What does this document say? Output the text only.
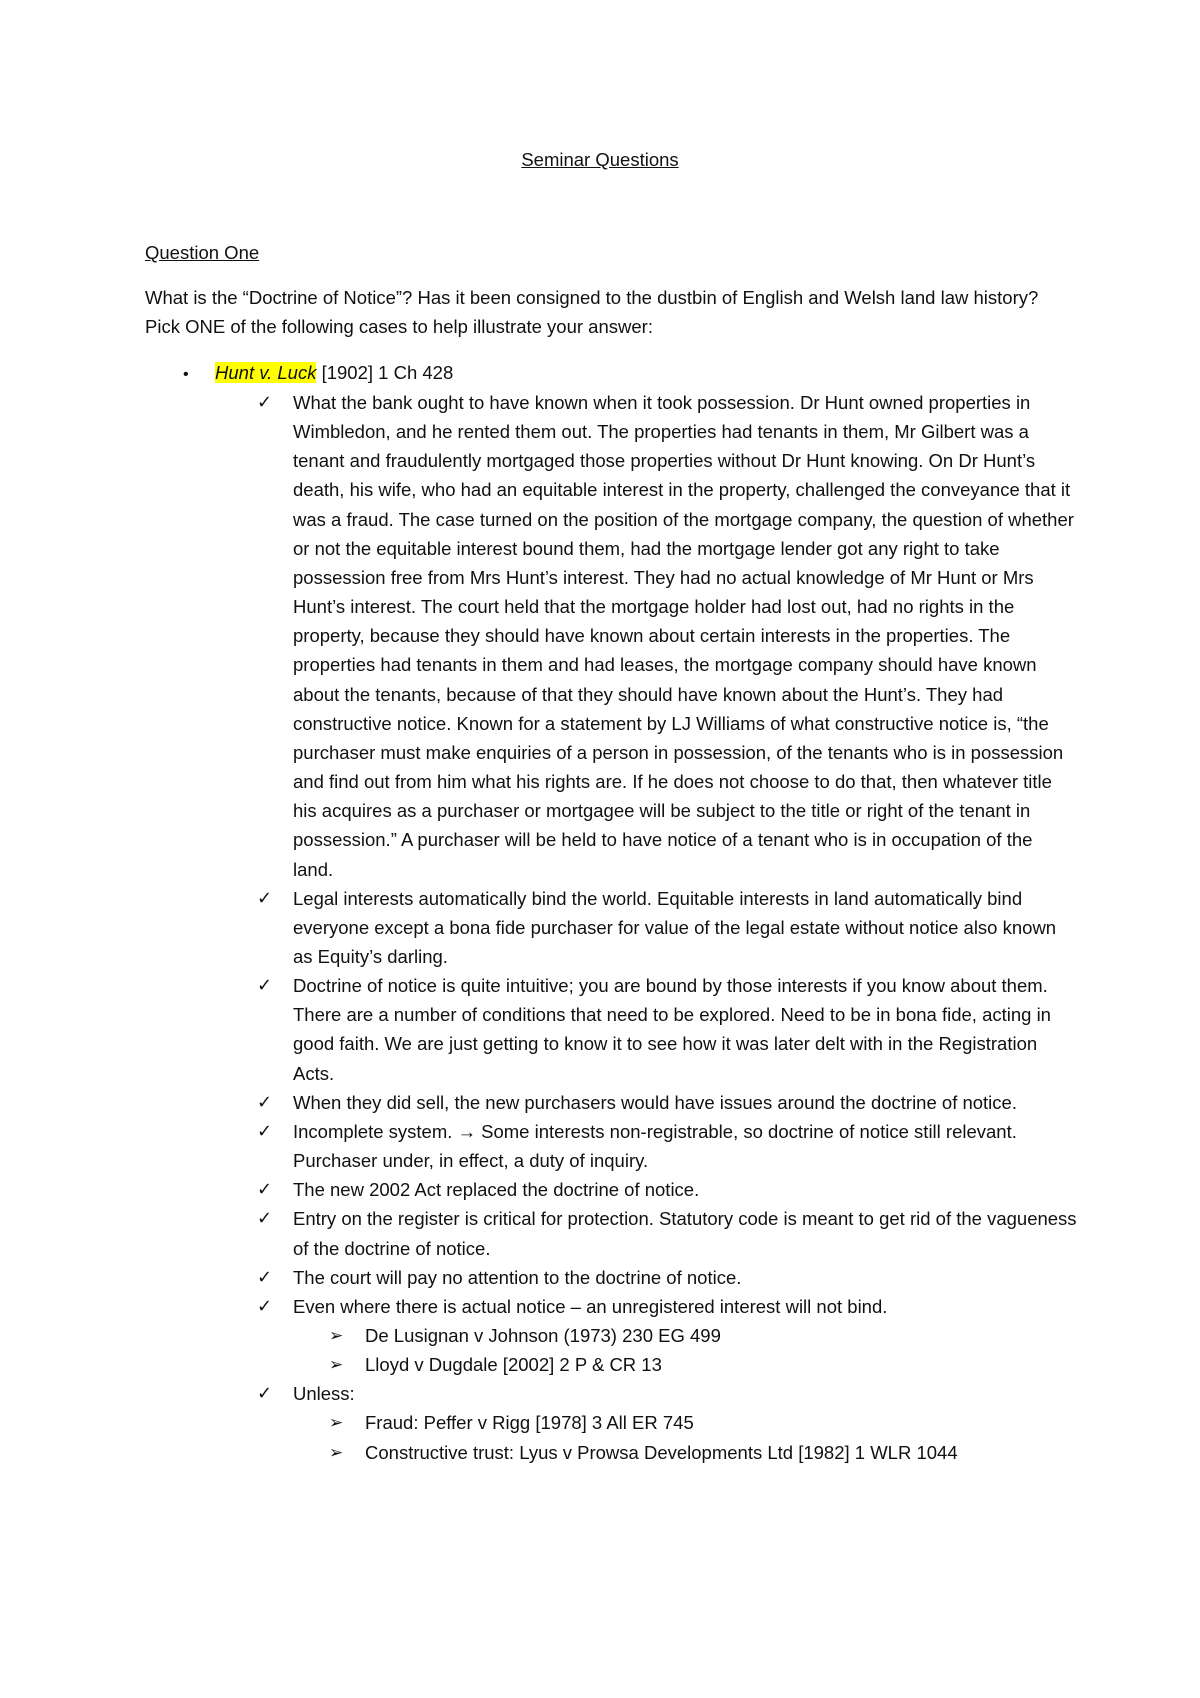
Seminar Questions
Question One
What is the “Doctrine of Notice”? Has it been consigned to the dustbin of English and Welsh land law history? Pick ONE of the following cases to help illustrate your answer:
• Hunt v. Luck [1902] 1 Ch 428
✓ What the bank ought to have known when it took possession. Dr Hunt owned properties in Wimbledon, and he rented them out. The properties had tenants in them, Mr Gilbert was a tenant and fraudulently mortgaged those properties without Dr Hunt knowing. On Dr Hunt’s death, his wife, who had an equitable interest in the property, challenged the conveyance that it was a fraud. The case turned on the position of the mortgage company, the question of whether or not the equitable interest bound them, had the mortgage lender got any right to take possession free from Mrs Hunt’s interest. They had no actual knowledge of Mr Hunt or Mrs Hunt’s interest. The court held that the mortgage holder had lost out, had no rights in the property, because they should have known about certain interests in the properties. The properties had tenants in them and had leases, the mortgage company should have known about the tenants, because of that they should have known about the Hunt’s. They had constructive notice. Known for a statement by LJ Williams of what constructive notice is, “the purchaser must make enquiries of a person in possession, of the tenants who is in possession and find out from him what his rights are. If he does not choose to do that, then whatever title his acquires as a purchaser or mortgagee will be subject to the title or right of the tenant in possession.” A purchaser will be held to have notice of a tenant who is in occupation of the land.
✓ Legal interests automatically bind the world. Equitable interests in land automatically bind everyone except a bona fide purchaser for value of the legal estate without notice also known as Equity’s darling.
✓ Doctrine of notice is quite intuitive; you are bound by those interests if you know about them. There are a number of conditions that need to be explored. Need to be in bona fide, acting in good faith. We are just getting to know it to see how it was later delt with in the Registration Acts.
✓ When they did sell, the new purchasers would have issues around the doctrine of notice.
✓ Incomplete system. → Some interests non-registrable, so doctrine of notice still relevant. Purchaser under, in effect, a duty of inquiry.
✓ The new 2002 Act replaced the doctrine of notice.
✓ Entry on the register is critical for protection. Statutory code is meant to get rid of the vagueness of the doctrine of notice.
✓ The court will pay no attention to the doctrine of notice.
✓ Even where there is actual notice – an unregistered interest will not bind.
➢ De Lusignan v Johnson (1973) 230 EG 499
➢ Lloyd v Dugdale [2002] 2 P & CR 13
✓ Unless:
➢ Fraud: Peffer v Rigg [1978] 3 All ER 745
➢ Constructive trust: Lyus v Prowsa Developments Ltd [1982] 1 WLR 1044
